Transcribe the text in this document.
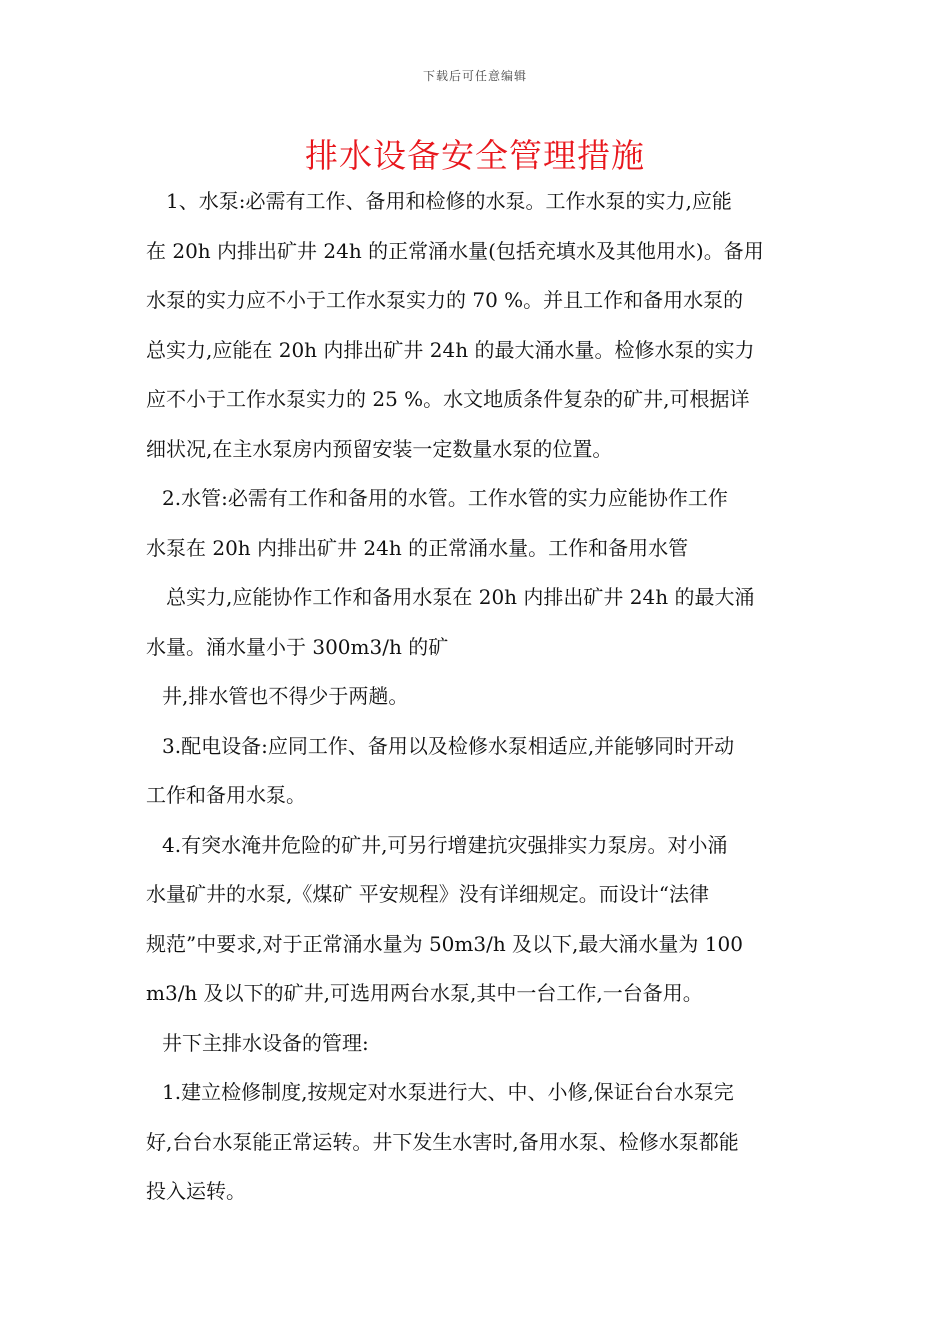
下载后可任意编辑
排水设备安全管理措施

1、水泵:必需有工作、备用和检修的水泵。工作水泵的实力,应能

在 20h 内排出矿井 24h 的正常涌水量(包括充填水及其他用水)。备用

水泵的实力应不小于工作水泵实力的 70 %。并且工作和备用水泵的

总实力,应能在 20h 内排出矿井 24h 的最大涌水量。检修水泵的实力

应不小于工作水泵实力的 25 %。水文地质条件复杂的矿井,可根据详

细状况,在主水泵房内预留安装一定数量水泵的位置。

2.水管:必需有工作和备用的水管。工作水管的实力应能协作工作

水泵在 20h 内排出矿井 24h 的正常涌水量。工作和备用水管

总实力,应能协作工作和备用水泵在 20h 内排出矿井 24h 的最大涌

水量。涌水量小于 300m3/h 的矿

井,排水管也不得少于两趟。

3.配电设备:应同工作、备用以及检修水泵相适应,并能够同时开动

工作和备用水泵。

4.有突水淹井危险的矿井,可另行增建抗灾强排实力泵房。对小涌

水量矿井的水泵,《煤矿 平安规程》没有详细规定。而设计“法律

规范”中要求,对于正常涌水量为 50m3/h 及以下,最大涌水量为 100

m3/h 及以下的矿井,可选用两台水泵,其中一台工作,一台备用。

井下主排水设备的管理:

1.建立检修制度,按规定对水泵进行大、中、小修,保证台台水泵完

好,台台水泵能正常运转。井下发生水害时,备用水泵、检修水泵都能

投入运转。
